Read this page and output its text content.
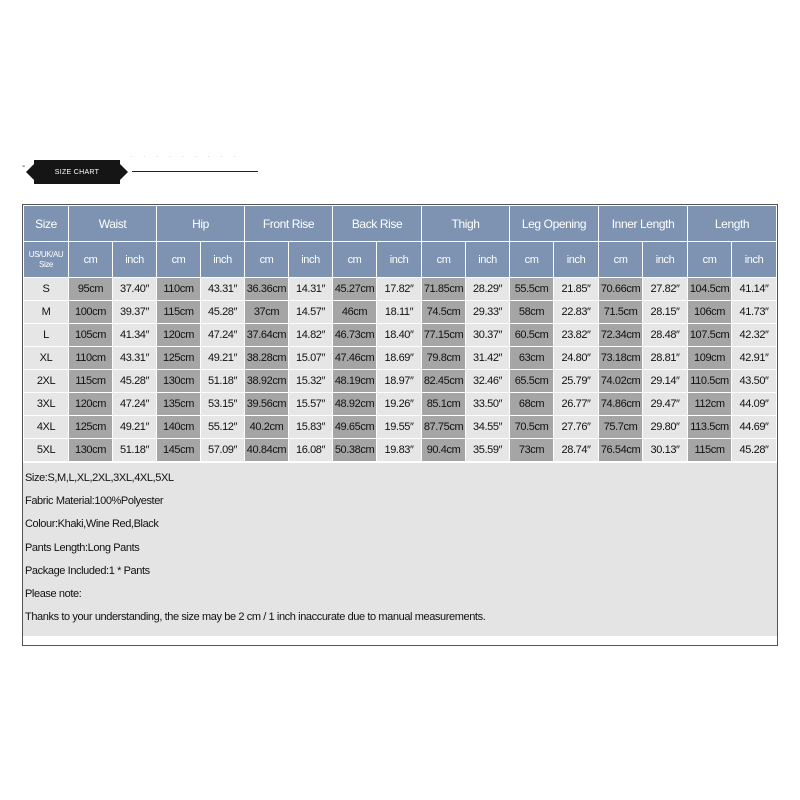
-	SIZE CHART
· · · · · · · · ·
Size	Waist		Hip		Front Rise		Back Rise		Thigh		Leg Opening		Inner Length		Length	
US/UK/AU Size	cm	inch	cm	inch	cm	inch	cm	inch	cm	inch	cm	inch	cm	inch	cm	inch
S	95cm	37.40″	110cm	43.31″	36.36cm	14.31″	45.27cm	17.82″	71.85cm	28.29″	55.5cm	21.85″	70.66cm	27.82″	104.5cm	41.14″
M	100cm	39.37″	115cm	45.28″	37cm	14.57″	46cm	18.11″	74.5cm	29.33″	58cm	22.83″	71.5cm	28.15″	106cm	41.73″
L	105cm	41.34″	120cm	47.24″	37.64cm	14.82″	46.73cm	18.40″	77.15cm	30.37″	60.5cm	23.82″	72.34cm	28.48″	107.5cm	42.32″
XL	110cm	43.31″	125cm	49.21″	38.28cm	15.07″	47.46cm	18.69″	79.8cm	31.42″	63cm	24.80″	73.18cm	28.81″	109cm	42.91″
2XL	115cm	45.28″	130cm	51.18″	38.92cm	15.32″	48.19cm	18.97″	82.45cm	32.46″	65.5cm	25.79″	74.02cm	29.14″	110.5cm	43.50″
3XL	120cm	47.24″	135cm	53.15″	39.56cm	15.57″	48.92cm	19.26″	85.1cm	33.50″	68cm	26.77″	74.86cm	29.47″	112cm	44.09″
4XL	125cm	49.21″	140cm	55.12″	40.2cm	15.83″	49.65cm	19.55″	87.75cm	34.55″	70.5cm	27.76″	75.7cm	29.80″	113.5cm	44.69″
5XL	130cm	51.18″	145cm	57.09″	40.84cm	16.08″	50.38cm	19.83″	90.4cm	35.59″	73cm	28.74″	76.54cm	30.13″	115cm	45.28″
Size:S,M,L,XL,2XL,3XL,4XL,5XL
Fabric Material:100%Polyester
Colour:Khaki,Wine Red,Black
Pants Length:Long Pants
Package Included:1 * Pants
Please note:
Thanks to your understanding, the size may be 2 cm / 1 inch inaccurate due to manual measurements.
